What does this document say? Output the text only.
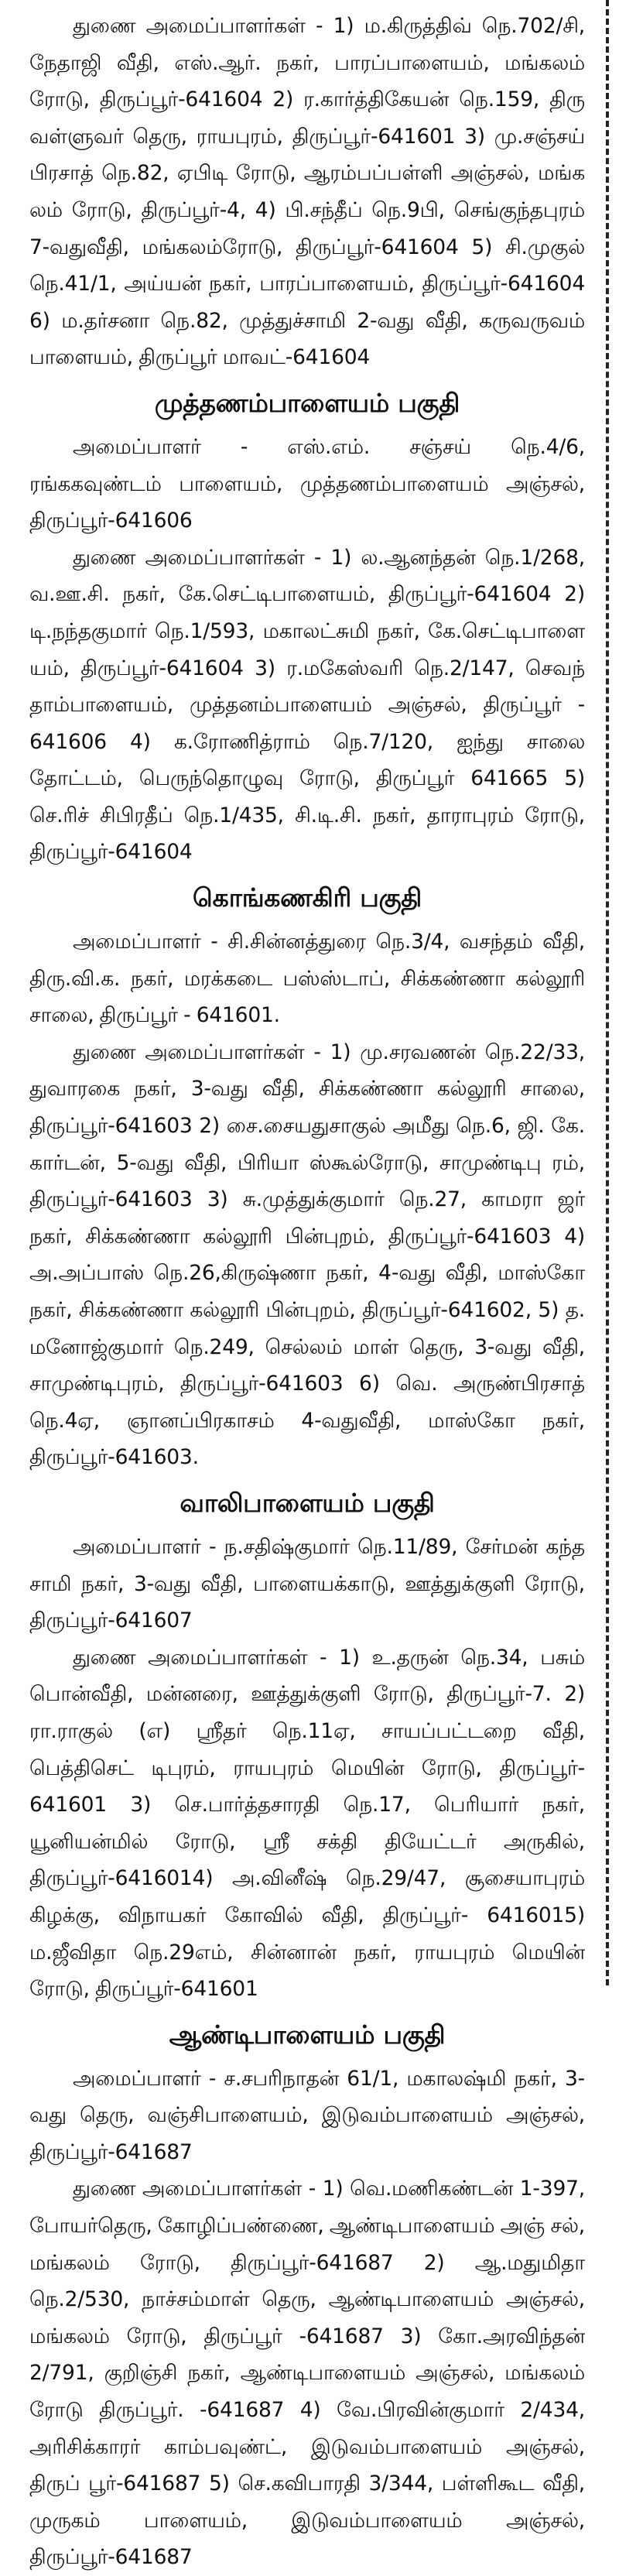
துணை அமைப்பாளர்கள் - 1) ம.கிருத்திவ் நெ.702/சி, நேதாஜி வீதி, எஸ்.ஆர். நகர், பாரப்பாளையம், மங்கலம் ரோடு, திருப்பூர்-641604 2) ர.கார்த்திகேயன் நெ.159, திரு வள்ளுவர் தெரு, ராயபுரம், திருப்பூர்-641601 3) மு.சஞ்சய் பிரசாத் நெ.82, ஏபிடி ரோடு, ஆரம்பப்பள்ளி அஞ்சல், மங்க லம் ரோடு, திருப்பூர்-4, 4) பி.சந்தீப் நெ.9பி, செங்குந்தபுரம் 7-வதுவீதி, மங்கலம்ரோடு, திருப்பூர்-641604 5) சி.முகுல் நெ.41/1, அய்யன் நகர், பாரப்பாளையம், திருப்பூர்-641604 6) ம.தர்சனா நெ.82, முத்துச்சாமி 2-வது வீதி, கருவருவம் பாளையம், திருப்பூர் மாவட்-641604

முத்தணம்பாளையம் பகுதி

அமைப்பாளர் - எஸ்.எம். சஞ்சய் நெ.4/6, ரங்ககவுண்டம் பாளையம், முத்தணம்பாளையம் அஞ்சல், திருப்பூர்-641606

துணை அமைப்பாளர்கள் - 1) ல.ஆனந்தன் நெ.1/268, வ.ஊ.சி. நகர், கே.செட்டிபாளையம், திருப்பூர்-641604 2) டி.நந்தகுமார் நெ.1/593, மகாலட்சுமி நகர், கே.செட்டிபாளை யம், திருப்பூர்-641604 3) ர.மகேஸ்வரி நெ.2/147, செவந் தாம்பாளையம், முத்தனம்பாளையம் அஞ்சல், திருப்பூர் - 641606 4) க.ரோணித்ராம் நெ.7/120, ஐந்து சாலை தோட்டம், பெருந்தொழுவு ரோடு, திருப்பூர் 641665 5) செ.ரிச் சிபிரதீப் நெ.1/435, சி.டி.சி. நகர், தாராபுரம் ரோடு, திருப்பூர்-641604

கொங்கணகிரி பகுதி

அமைப்பாளர் - சி.சின்னத்துரை நெ.3/4, வசந்தம் வீதி, திரு.வி.க. நகர், மரக்கடை பஸ்ஸ்டாப், சிக்கண்ணா கல்லூரி சாலை, திருப்பூர் - 641601.

துணை அமைப்பாளர்கள் - 1) மு.சரவணன் நெ.22/33, துவாரகை நகர், 3-வது வீதி, சிக்கண்ணா கல்லூரி சாலை, திருப்பூர்-641603 2) சை.சையதுசாகுல் அமீது நெ.6, ஜி. கே. கார்டன், 5-வது வீதி, பிரியா ஸ்கூல்ரோடு, சாமுண்டிபு ரம், திருப்பூர்-641603 3) சு.முத்துக்குமார் நெ.27, காமரா ஜர் நகர், சிக்கண்ணா கல்லூரி பின்புறம், திருப்பூர்-641603 4) அ.அப்பாஸ் நெ.26,கிருஷ்ணா நகர், 4-வது வீதி, மாஸ்கோ நகர், சிக்கண்ணா கல்லூரி பின்புறம், திருப்பூர்-641602, 5) த. மனோஜ்குமார் நெ.249, செல்லம் மாள் தெரு, 3-வது வீதி, சாமுண்டிபுரம், திருப்பூர்-641603 6) வெ. அருண்பிரசாத் நெ.4ஏ, ஞானப்பிரகாசம் 4-வதுவீதி, மாஸ்கோ நகர், திருப்பூர்-641603.

வாலிபாளையம் பகுதி

அமைப்பாளர் - ந.சதிஷ்குமார் நெ.11/89, சேர்மன் கந்த சாமி நகர், 3-வது வீதி, பாளையக்காடு, ஊத்துக்குளி ரோடு, திருப்பூர்-641607

துணை அமைப்பாளர்கள் - 1) உ.தருன் நெ.34, பசும் பொன்வீதி, மன்னரை, ஊத்துக்குளி ரோடு, திருப்பூர்-7. 2) ரா.ராகுல் (எ) ஸ்ரீதர் நெ.11ஏ, சாயப்பட்டறை வீதி, பெத்திசெட் டிபுரம், ராயபுரம் மெயின் ரோடு, திருப்பூர்- 641601 3) செ.பார்த்தசாரதி நெ.17, பெரியார் நகர், யூனியன்மில் ரோடு, ஸ்ரீ சக்தி தியேட்டர் அருகில், திருப்பூர்-6416014) அ.வினீஷ் நெ.29/47, சூசையாபுரம் கிழக்கு, விநாயகர் கோவில் வீதி, திருப்பூர்- 6416015) ம.ஜீவிதா நெ.29எம், சின்னான் நகர், ராயபுரம் மெயின் ரோடு, திருப்பூர்-641601

ஆண்டிபாளையம் பகுதி

அமைப்பாளர் - ச.சபரிநாதன் 61/1, மகாலஷ்மி நகர், 3-வது தெரு, வஞ்சிபாளையம், இடுவம்பாளையம் அஞ்சல், திருப்பூர்-641687

துணை அமைப்பாளர்கள் - 1) வெ.மணிகண்டன் 1-397, போயர்தெரு, கோழிப்பண்ணை, ஆண்டிபாளையம் அஞ் சல், மங்கலம் ரோடு, திருப்பூர்-641687 2) ஆ.மதுமிதா நெ.2/530, நாச்சம்மாள் தெரு, ஆண்டிபாளையம் அஞ்சல், மங்கலம் ரோடு, திருப்பூர் -641687 3) கோ.அரவிந்தன் 2/791, குறிஞ்சி நகர், ஆண்டிபாளையம் அஞ்சல், மங்கலம் ரோடு திருப்பூர். -641687 4) வே.பிரவின்குமார் 2/434, அரிசிக்காரர் காம்பவுண்ட், இடுவம்பாளையம் அஞ்சல், திருப் பூர்-641687 5) செ.கவிபாரதி 3/344, பள்ளிகூட வீதி, முருகம் பாளையம், இடுவம்பாளையம் அஞ்சல், திருப்பூர்-641687
